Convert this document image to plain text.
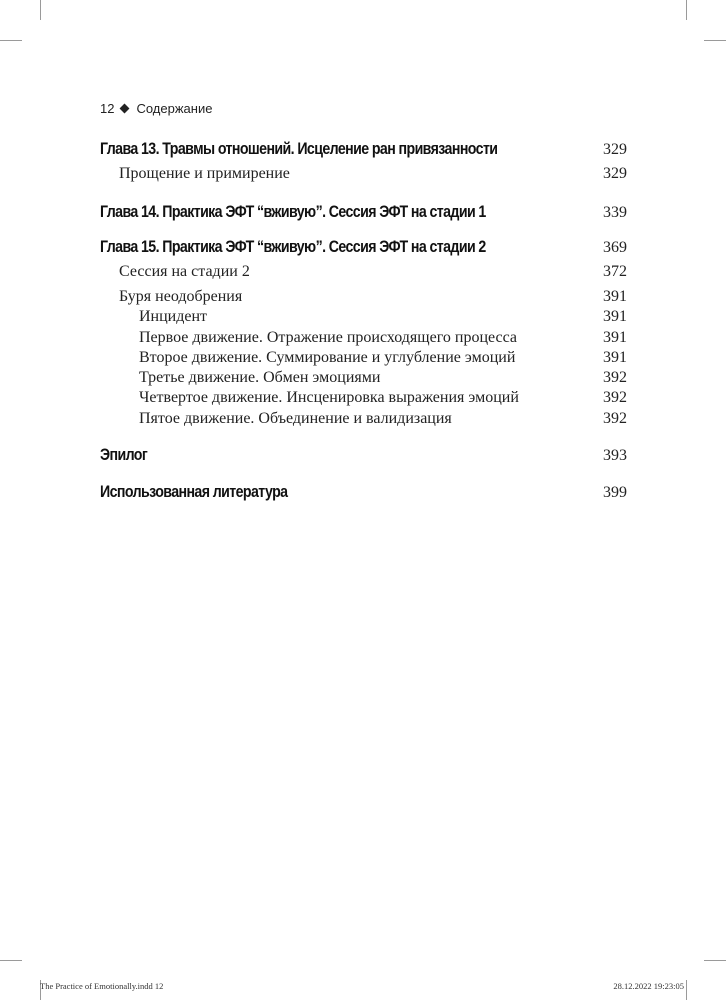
12 Содержание
Глава 13. Травмы отношений. Исцеление ран привязанности	329
Прощение и примирение	329
Глава 14. Практика ЭФТ “вживую”. Сессия ЭФТ на стадии 1	339
Глава 15. Практика ЭФТ “вживую”. Сессия ЭФТ на стадии 2	369
Сессия на стадии 2	372
Буря неодобрения	391
Инцидент	391
Первое движение. Отражение происходящего процесса	391
Второе движение. Суммирование и углубление эмоций	391
Третье движение. Обмен эмоциями	392
Четвертое движение. Инсценировка выражения эмоций	392
Пятое движение. Объединение и валидизация	392
Эпилог	393
Использованная литература	399
The Practice of Emotionally.indd 12	28.12.2022 19:23:05
